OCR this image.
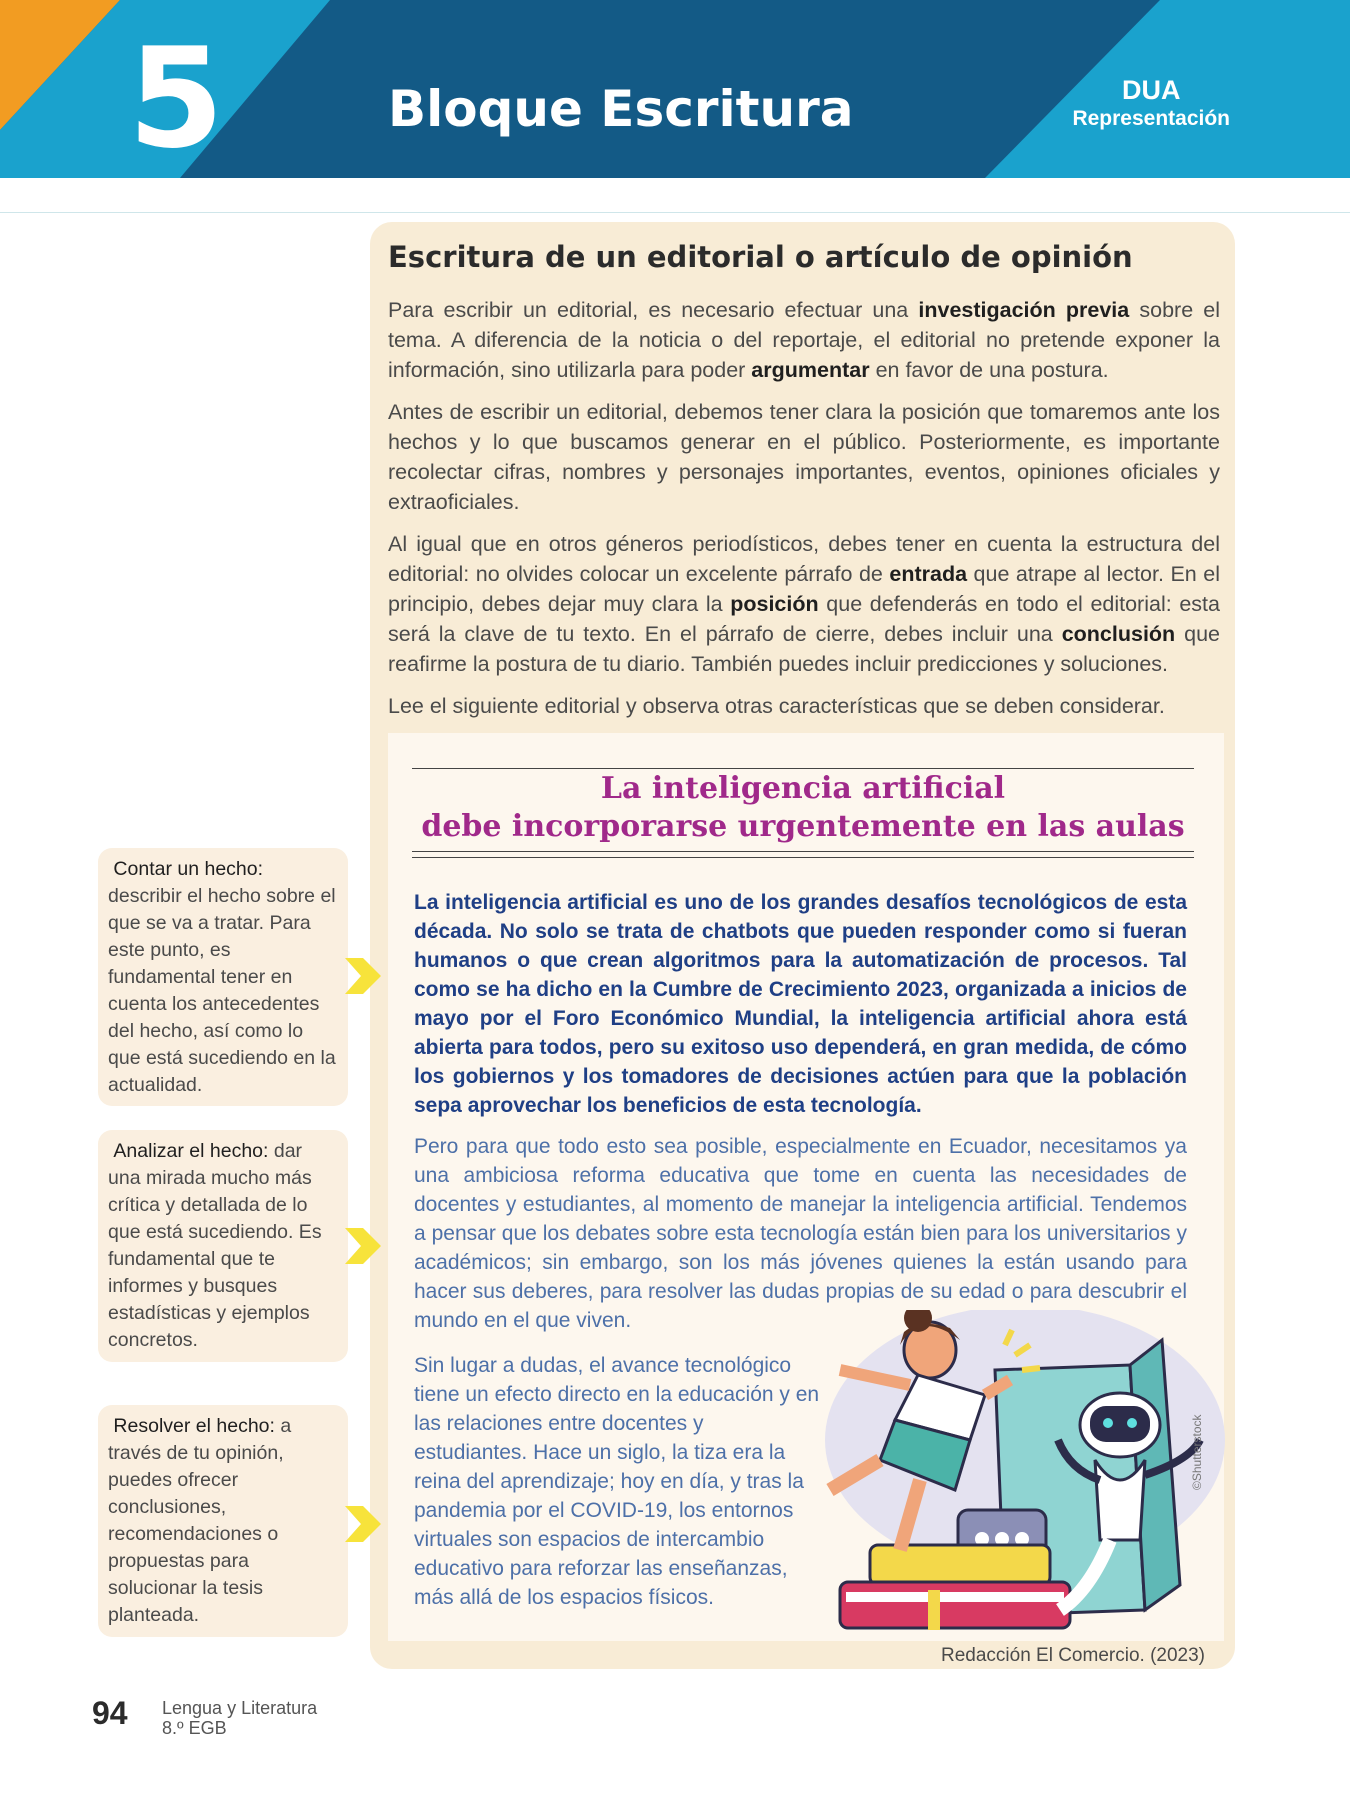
5	Bloque Escritura	DUA
Representación
Escritura de un editorial o artículo de opinión

Para escribir un editorial, es necesario efectuar una investigación previa sobre el tema. A diferencia de la noticia o del reportaje, el editorial no pretende exponer la información, sino utilizarla para poder argumentar en favor de una postura.

Antes de escribir un editorial, debemos tener clara la posición que tomaremos ante los hechos y lo que buscamos generar en el público. Posteriormente, es importante recolectar cifras, nombres y personajes importantes, eventos, opiniones oficiales y extraoficiales.

Al igual que en otros géneros periodísticos, debes tener en cuenta la estructura del editorial: no olvides colocar un excelente párrafo de entrada que atrape al lector. En el principio, debes dejar muy clara la posición que defenderás en todo el editorial: esta será la clave de tu texto. En el párrafo de cierre, debes incluir una conclusión que reafirme la postura de tu diario. También puedes incluir predicciones y soluciones.

Lee el siguiente editorial y observa otras características que se deben considerar.

La inteligencia artificial
debe incorporarse urgentemente en las aulas

La inteligencia artificial es uno de los grandes desafíos tecnológicos de esta década. No solo se trata de chatbots que pueden responder como si fueran humanos o que crean algoritmos para la automatización de procesos. Tal como se ha dicho en la Cumbre de Crecimiento 2023, organizada a inicios de mayo por el Foro Económico Mundial, la inteligencia artificial ahora está abierta para todos, pero su exitoso uso dependerá, en gran medida, de cómo los gobiernos y los tomadores de decisiones actúen para que la población sepa aprovechar los beneficios de esta tecnología.

Pero para que todo esto sea posible, especialmente en Ecuador, necesitamos ya una ambiciosa reforma educativa que tome en cuenta las necesidades de docentes y estudiantes, al momento de manejar la inteligencia artificial. Tendemos a pensar que los debates sobre esta tecnología están bien para los universitarios y académicos; sin embargo, son los más jóvenes quienes la están usando para hacer sus deberes, para resolver las dudas propias de su edad o para descubrir el mundo en el que viven.

Sin lugar a dudas, el avance tecnológico tiene un efecto directo en la educación y en las relaciones entre docentes y estudiantes. Hace un siglo, la tiza era la reina del aprendizaje; hoy en día, y tras la pandemia por el COVID-19, los entornos virtuales son espacios de intercambio educativo para reforzar las enseñanzas, más allá de los espacios físicos.

©Shutterstock
Redacción El Comercio. (2023)
Contar un hecho: describir el hecho sobre el que se va a tratar. Para este punto, es fundamental tener en cuenta los antecedentes del hecho, así como lo que está sucediendo en la actualidad.
Analizar el hecho: dar una mirada mucho más crítica y detallada de lo que está sucediendo. Es fundamental que te informes y busques estadísticas y ejemplos concretos.
Resolver el hecho: a través de tu opinión, puedes ofrecer conclusiones, recomendaciones o propuestas para solucionar la tesis planteada.
94 Lengua y Literatura
8.º EGB
